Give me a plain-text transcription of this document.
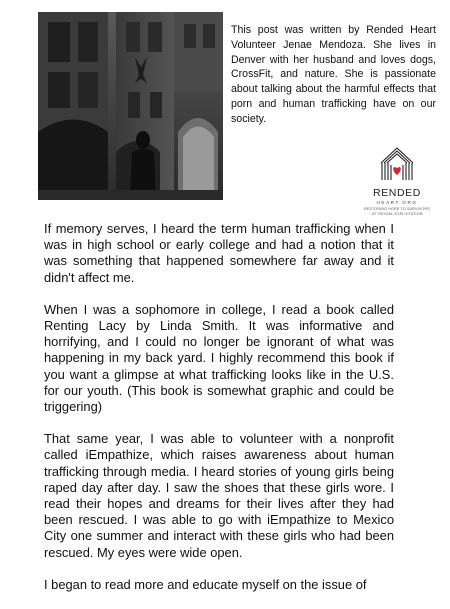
This post was written by Rended Heart Volunteer Jenae Mendoza. She lives in Denver with her husband and loves dogs, CrossFit, and nature. She is passionate about talking about the harmful effects that porn and human trafficking have on our society.

RENDED
HEART.ORG
RESTORING HOPE TO SURVIVORS OF SEXUAL EXPLOITATION

If memory serves, I heard the term human trafficking when I was in high school or early college and had a notion that it was something that happened somewhere far away and it didn't affect me.

When I was a sophomore in college, I read a book called Renting Lacy by Linda Smith. It was informative and horrifying, and I could no longer be ignorant of what was happening in my back yard. I highly recommend this book if you want a glimpse at what trafficking looks like in the U.S. for our youth. (This book is somewhat graphic and could be triggering)

That same year, I was able to volunteer with a nonprofit called iEmpathize, which raises awareness about human trafficking through media. I heard stories of young girls being raped day after day. I saw the shoes that these girls wore. I read their hopes and dreams for their lives after they had been rescued. I was able to go with iEmpathize to Mexico City one summer and interact with these girls who had been rescued. My eyes were wide open.

I began to read more and educate myself on the issue of
